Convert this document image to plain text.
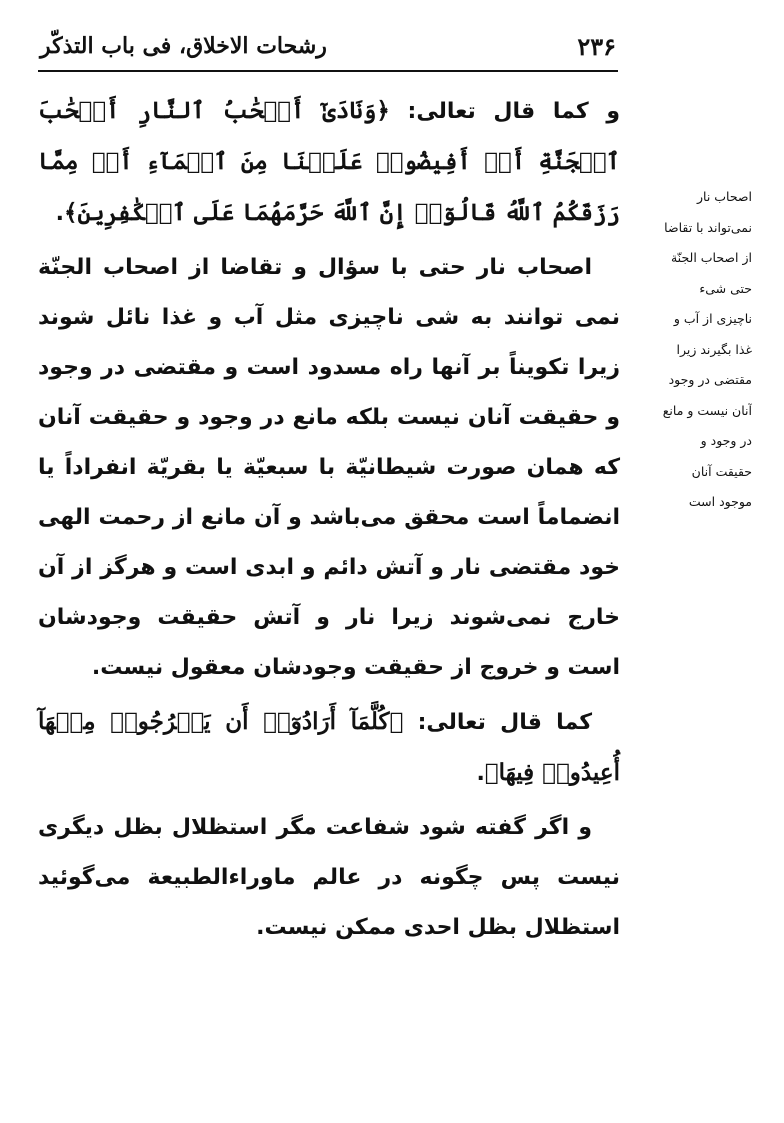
۲۳۶
رشحات الاخلاق، فی باب التذكّر

و كما قال تعالى: ﴿وَنَادَىٰٓ أَصۡحَٰبُ ٱلنَّارِ أَصۡحَٰبَ ٱلۡجَنَّةِ أَنۡ أَفِيضُوا۟ عَلَيۡنَا مِنَ ٱلۡمَآءِ أَوۡ مِمَّا رَزَقَكُمُ ٱللَّهُ قَالُوٓا۟ إِنَّ ٱللَّهَ حَرَّمَهُمَا عَلَى ٱلۡكَٰفِرِينَ﴾.

اصحاب نار حتی با سؤال و تقاضا از اصحاب الجنّة نمی توانند به شی ناچیزی مثل آب و غذا نائل شوند زيرا تكويناً بر آنها راه مسدود است و مقتضی در وجود و حقيقت آنان نيست بلكه مانع در وجود و حقيقت آنان كه همان صورت شيطانيّة با سبعيّة يا بقريّة انفراداً يا انضماماً است محقق می‌باشد و آن مانع از رحمت الهی خود مقتضی نار و آتش دائم و ابدی است و هرگز از آن خارج نمی‌شوند زيرا نار و آتش حقيقت وجودشان است و خروج از حقيقت وجودشان معقول نيست.

كما قال تعالى: ﴿كُلَّمَآ أَرَادُوٓا۟ أَن يَخۡرُجُوا۟ مِنۡهَآ أُعِيدُوا۟ فِيهَا﴾.

و اگر گفته شود شفاعت مگر استظلال بظل ديگری نيست پس چگونه در عالم ماوراءالطبيعة می‌گوئيد استظلال بظل احدی ممكن نيست.

اصحاب نار
نمی‌تواند با تقاضا
از اصحاب الجنّة
حتی شیء
ناچیزی از آب و
غذا بگیرند زیرا
مقتضی در وجود
آنان نیست و مانع
در وجود و
حقیقت آنان
موجود است
